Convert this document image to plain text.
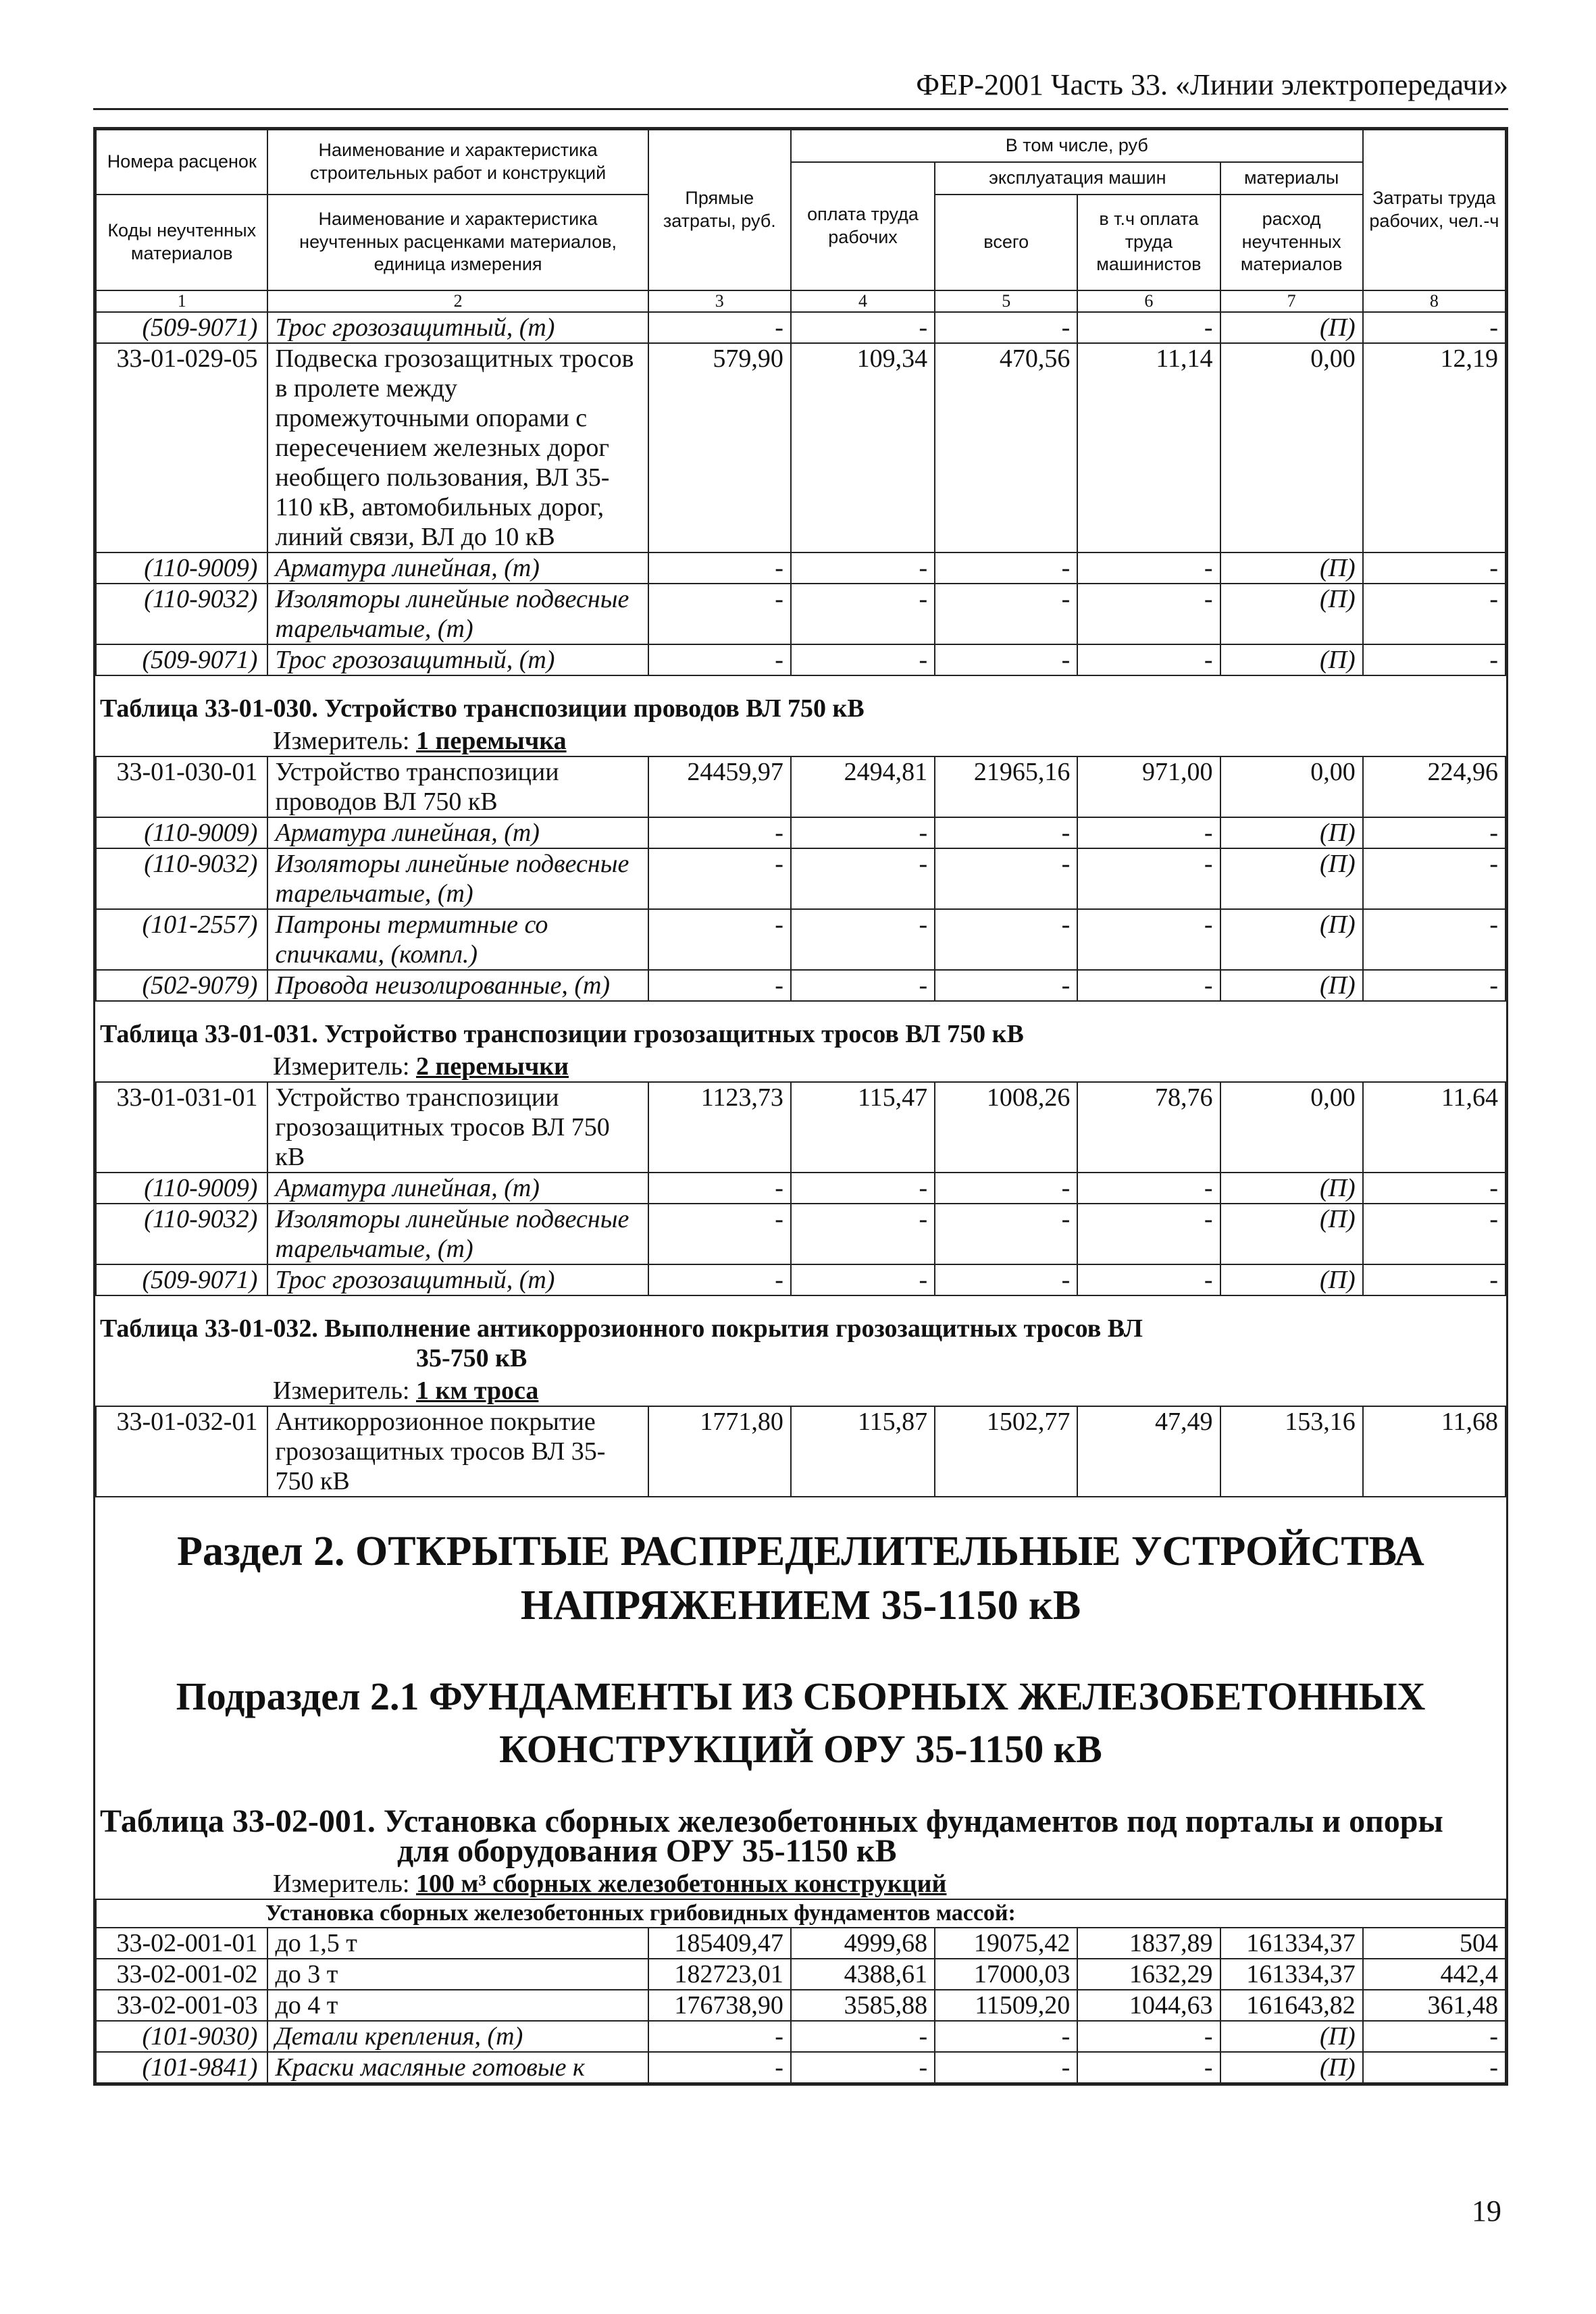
ФЕР-2001 Часть 33. «Линии электропередачи»
Номера расценок	Наименование и характеристика строительных работ и конструкций	Прямые затраты, руб.	В том числе, руб				Затраты труда рабочих, чел.-ч
			оплата труда рабочих	эксплуатация машин		материалы	
Коды неучтенных материалов	Наименование и характеристика неучтенных расценками материалов, единица измерения			всего	в т.ч оплата труда машинистов	расход неучтенных материалов	

1	2	3	4	5	6	7	8
(509-9071)	Трос грозозащитный, (т)	-	-	-	-	(П)	-
33-01-029-05	Подвеска грозозащитных тросов в пролете между промежуточными опорами с пересечением железных дорог необщего пользования, ВЛ 35-110 кВ, автомобильных дорог, линий связи, ВЛ до 10 кВ	579,90	109,34	470,56	11,14	0,00	12,19
(110-9009)	Арматура линейная, (т)	-	-	-	-	(П)	-
(110-9032)	Изоляторы линейные подвесные тарельчатые, (т)	-	-	-	-	(П)	-
(509-9071)	Трос грозозащитный, (т)	-	-	-	-	(П)	-
Таблица 33-01-030. Устройство транспозиции проводов ВЛ 750 кВ							
Измеритель: 1 перемычка							
33-01-030-01	Устройство транспозиции проводов ВЛ 750 кВ	24459,97	2494,81	21965,16	971,00	0,00	224,96
(110-9009)	Арматура линейная, (т)	-	-	-	-	(П)	-
(110-9032)	Изоляторы линейные подвесные тарельчатые, (т)	-	-	-	-	(П)	-
(101-2557)	Патроны термитные со спичками, (компл.)	-	-	-	-	(П)	-
(502-9079)	Провода неизолированные, (т)	-	-	-	-	(П)	-
Таблица 33-01-031. Устройство транспозиции грозозащитных тросов ВЛ 750 кВ							
Измеритель: 2 перемычки							
33-01-031-01	Устройство транспозиции грозозащитных тросов ВЛ 750 кВ	1123,73	115,47	1008,26	78,76	0,00	11,64
(110-9009)	Арматура линейная, (т)	-	-	-	-	(П)	-
(110-9032)	Изоляторы линейные подвесные тарельчатые, (т)	-	-	-	-	(П)	-
(509-9071)	Трос грозозащитный, (т)	-	-	-	-	(П)	-
Таблица 33-01-032. Выполнение антикоррозионного покрытия грозозащитных тросов ВЛ
35-750 кВ							

Измеритель: 1 км троса							
33-01-032-01	Антикоррозионное покрытие грозозащитных тросов ВЛ 35-750 кВ	1771,80	115,87	1502,77	47,49	153,16	11,68

Раздел 2. ОТКРЫТЫЕ РАСПРЕДЕЛИТЕЛЬНЫЕ УСТРОЙСТВА
НАПРЯЖЕНИЕМ 35-1150 кВ							

Подраздел 2.1 ФУНДАМЕНТЫ ИЗ СБОРНЫХ ЖЕЛЕЗОБЕТОННЫХ
КОНСТРУКЦИЙ ОРУ 35-1150 кВ							

Таблица 33-02-001. Установка сборных железобетонных фундаментов под порталы и опоры
для оборудования ОРУ 35-1150 кВ							

Измеритель: 100 м³ сборных железобетонных конструкций							
Установка сборных железобетонных грибовидных фундаментов массой:							
33-02-001-01	до 1,5 т	185409,47	4999,68	19075,42	1837,89	161334,37	504
33-02-001-02	до 3 т	182723,01	4388,61	17000,03	1632,29	161334,37	442,4
33-02-001-03	до 4 т	176738,90	3585,88	11509,20	1044,63	161643,82	361,48
(101-9030)	Детали крепления, (т)	-	-	-	-	(П)	-
(101-9841)	Краски масляные готовые к	-	-	-	-	(П)	-
19
